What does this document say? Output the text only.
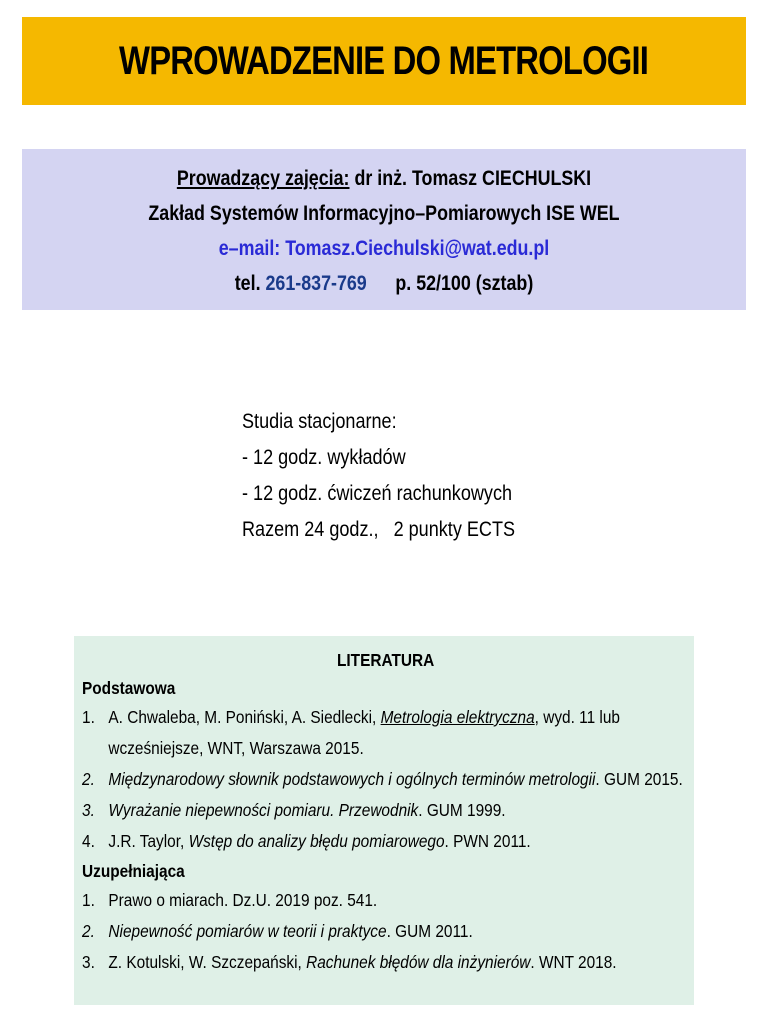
WPROWADZENIE DO METROLOGII
Prowadzący zajęcia: dr inż. Tomasz CIECHULSKI
Zakład Systemów Informacyjno–Pomiarowych ISE WEL
e–mail: Tomasz.Ciechulski@wat.edu.pl
tel. 261-837-769 p. 52/100 (sztab)
Studia stacjonarne:
- 12 godz. wykładów
- 12 godz. ćwiczeń rachunkowych
Razem 24 godz.,   2 punkty ECTS
LITERATURA
Podstawowa
1. A. Chwaleba, M. Poniński, A. Siedlecki, Metrologia elektryczna, wyd. 11 lub wcześniejsze, WNT, Warszawa 2015.
2. Międzynarodowy słownik podstawowych i ogólnych terminów metrologii. GUM 2015.
3. Wyrażanie niepewności pomiaru. Przewodnik. GUM 1999.
4. J.R. Taylor, Wstęp do analizy błędu pomiarowego. PWN 2011.
Uzupełniająca
1. Prawo o miarach. Dz.U. 2019 poz. 541.
2. Niepewność pomiarów w teorii i praktyce. GUM 2011.
3. Z. Kotulski, W. Szczepański, Rachunek błędów dla inżynierów. WNT 2018.
